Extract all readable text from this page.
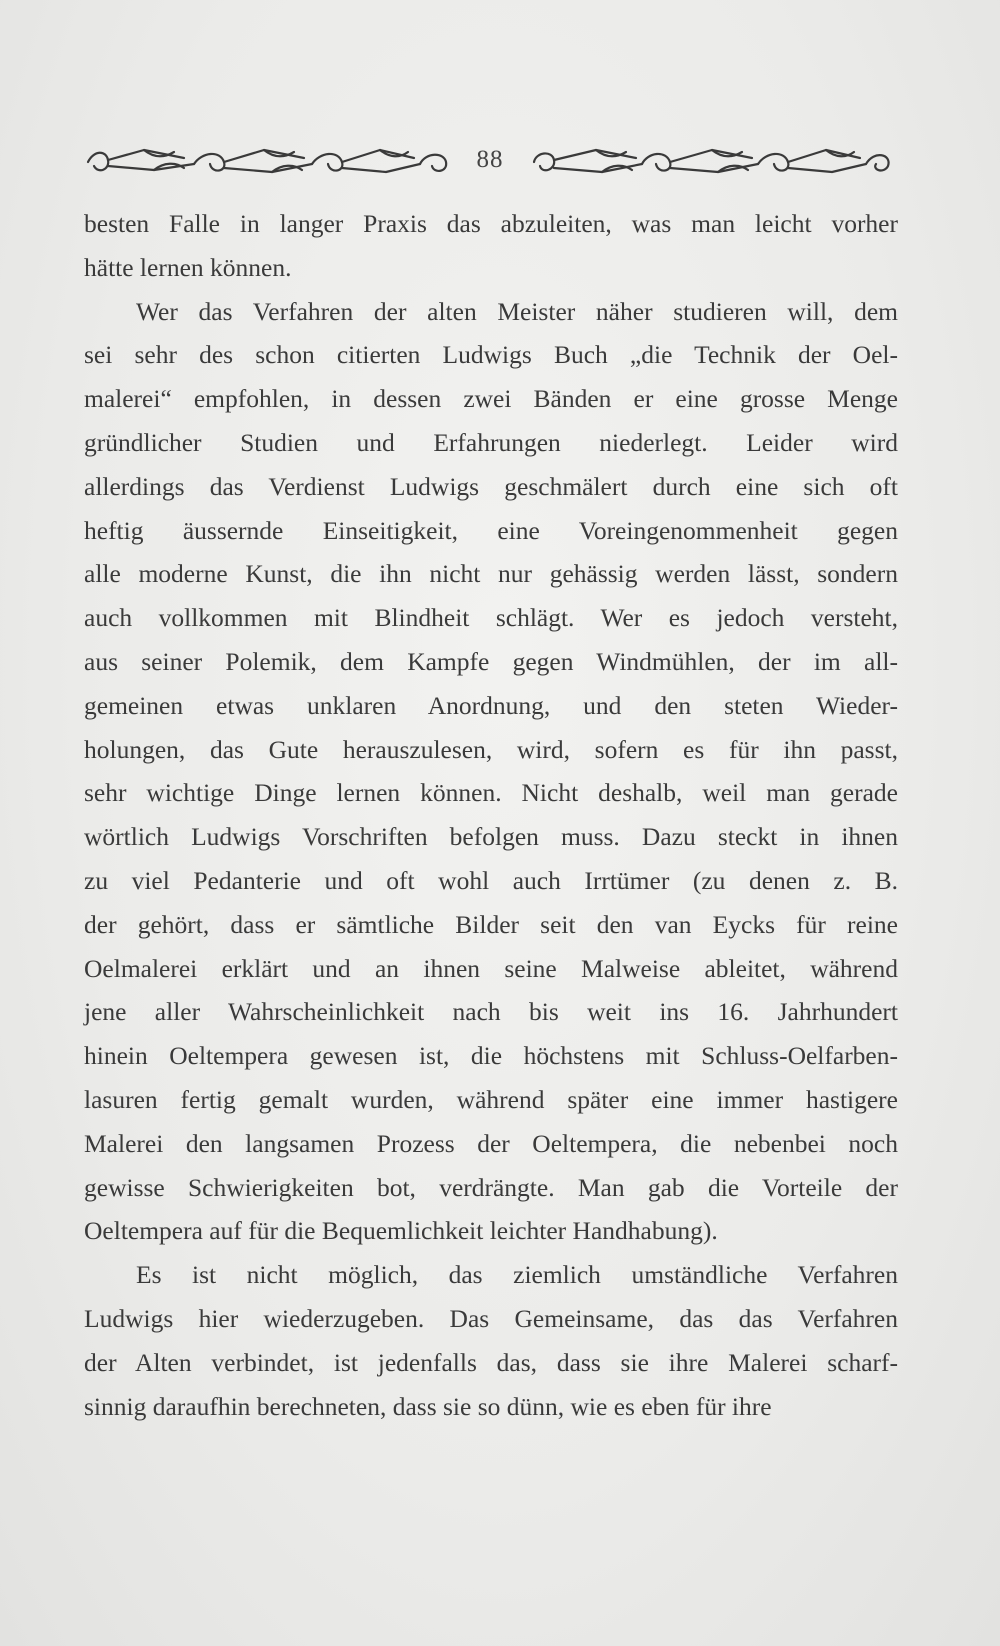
88

besten Falle in langer Praxis das abzuleiten, was man leicht vorher
hätte lernen können.

Wer das Verfahren der alten Meister näher studieren will, dem
sei sehr des schon citierten Ludwigs Buch „die Technik der Oel-
malerei“ empfohlen, in dessen zwei Bänden er eine grosse Menge
gründlicher Studien und Erfahrungen niederlegt. Leider wird
allerdings das Verdienst Ludwigs geschmälert durch eine sich oft
heftig äussernde Einseitigkeit, eine Voreingenommenheit gegen
alle moderne Kunst, die ihn nicht nur gehässig werden lässt, sondern
auch vollkommen mit Blindheit schlägt. Wer es jedoch versteht,
aus seiner Polemik, dem Kampfe gegen Windmühlen, der im all-
gemeinen etwas unklaren Anordnung, und den steten Wieder-
holungen, das Gute herauszulesen, wird, sofern es für ihn passt,
sehr wichtige Dinge lernen können. Nicht deshalb, weil man gerade
wörtlich Ludwigs Vorschriften befolgen muss. Dazu steckt in ihnen
zu viel Pedanterie und oft wohl auch Irrtümer (zu denen z. B.
der gehört, dass er sämtliche Bilder seit den van Eycks für reine
Oelmalerei erklärt und an ihnen seine Malweise ableitet, während
jene aller Wahrscheinlichkeit nach bis weit ins 16. Jahrhundert
hinein Oeltempera gewesen ist, die höchstens mit Schluss-Oelfarben-
lasuren fertig gemalt wurden, während später eine immer hastigere
Malerei den langsamen Prozess der Oeltempera, die nebenbei noch
gewisse Schwierigkeiten bot, verdrängte. Man gab die Vorteile der
Oeltempera auf für die Bequemlichkeit leichter Handhabung).

Es ist nicht möglich, das ziemlich umständliche Verfahren
Ludwigs hier wiederzugeben. Das Gemeinsame, das das Verfahren
der Alten verbindet, ist jedenfalls das, dass sie ihre Malerei scharf-
sinnig daraufhin berechneten, dass sie so dünn, wie es eben für ihre
